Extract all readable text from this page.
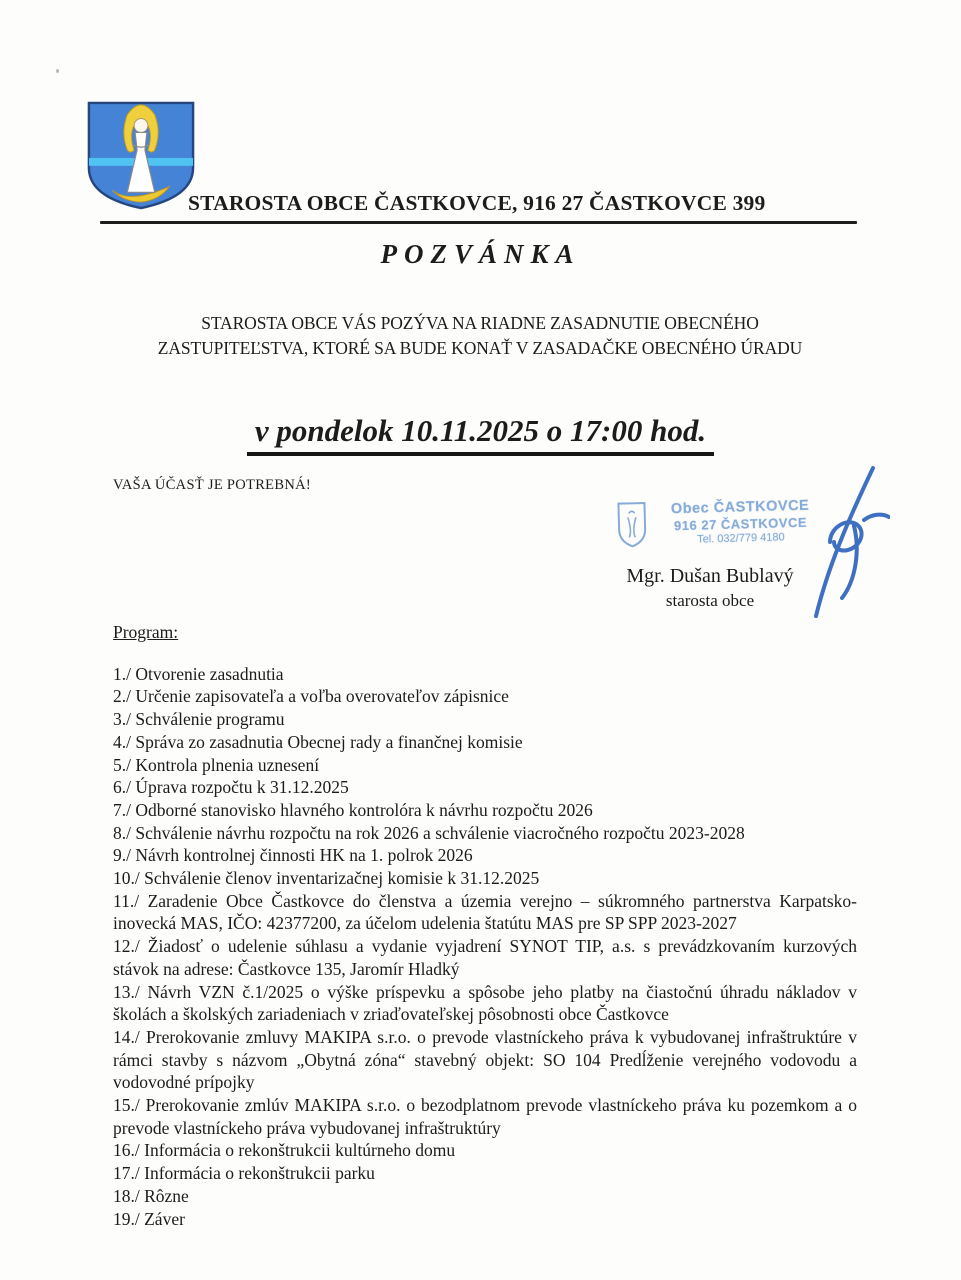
STAROSTA OBCE ČASTKOVCE, 916 27 ČASTKOVCE 399
POZVÁNKA
STAROSTA OBCE VÁS POZÝVA NA RIADNE ZASADNUTIE OBECNÉHO
ZASTUPITEĽSTVA, KTORÉ SA BUDE KONAŤ V ZASADAČKE OBECNÉHO ÚRADU
v pondelok 10.11.2025 o 17:00 hod.
VAŠA ÚČASŤ JE POTREBNÁ!
Obec ČASTKOVCE
916 27 ČASTKOVCE
Tel. 032/779 4180
Mgr. Dušan Bublavý
starosta obce
Program:
1./ Otvorenie zasadnutia
2./ Určenie zapisovateľa a voľba overovateľov zápisnice
3./ Schválenie programu
4./ Správa zo zasadnutia Obecnej rady a finančnej komisie
5./ Kontrola plnenia uznesení
6./ Úprava rozpočtu k 31.12.2025
7./ Odborné stanovisko hlavného kontrolóra k návrhu rozpočtu 2026
8./ Schválenie návrhu rozpočtu na rok 2026 a schválenie viacročného rozpočtu 2023-2028
9./ Návrh kontrolnej činnosti HK na 1. polrok 2026
10./ Schválenie členov inventarizačnej komisie k 31.12.2025
11./ Zaradenie Obce Častkovce do členstva a územia verejno – súkromného partnerstva Karpatsko-inovecká MAS, IČO: 42377200, za účelom udelenia štatútu MAS pre SP SPP 2023-2027
12./ Žiadosť o udelenie súhlasu a vydanie vyjadrení SYNOT TIP, a.s. s prevádzkovaním kurzových stávok na adrese: Častkovce 135, Jaromír Hladký
13./ Návrh VZN č.1/2025 o výške príspevku a spôsobe jeho platby na čiastočnú úhradu nákladov v školách a školských zariadeniach v zriaďovateľskej pôsobnosti obce Častkovce
14./ Prerokovanie zmluvy MAKIPA s.r.o. o prevode vlastníckeho práva k vybudovanej infraštruktúre v rámci stavby s názvom „Obytná zóna“ stavebný objekt: SO 104 Predĺženie verejného vodovodu a vodovodné prípojky
15./ Prerokovanie zmlúv MAKIPA s.r.o. o bezodplatnom prevode vlastníckeho práva ku pozemkom a o prevode vlastníckeho práva vybudovanej infraštruktúry
16./ Informácia o rekonštrukcii kultúrneho domu
17./ Informácia o rekonštrukcii parku
18./ Rôzne
19./ Záver
